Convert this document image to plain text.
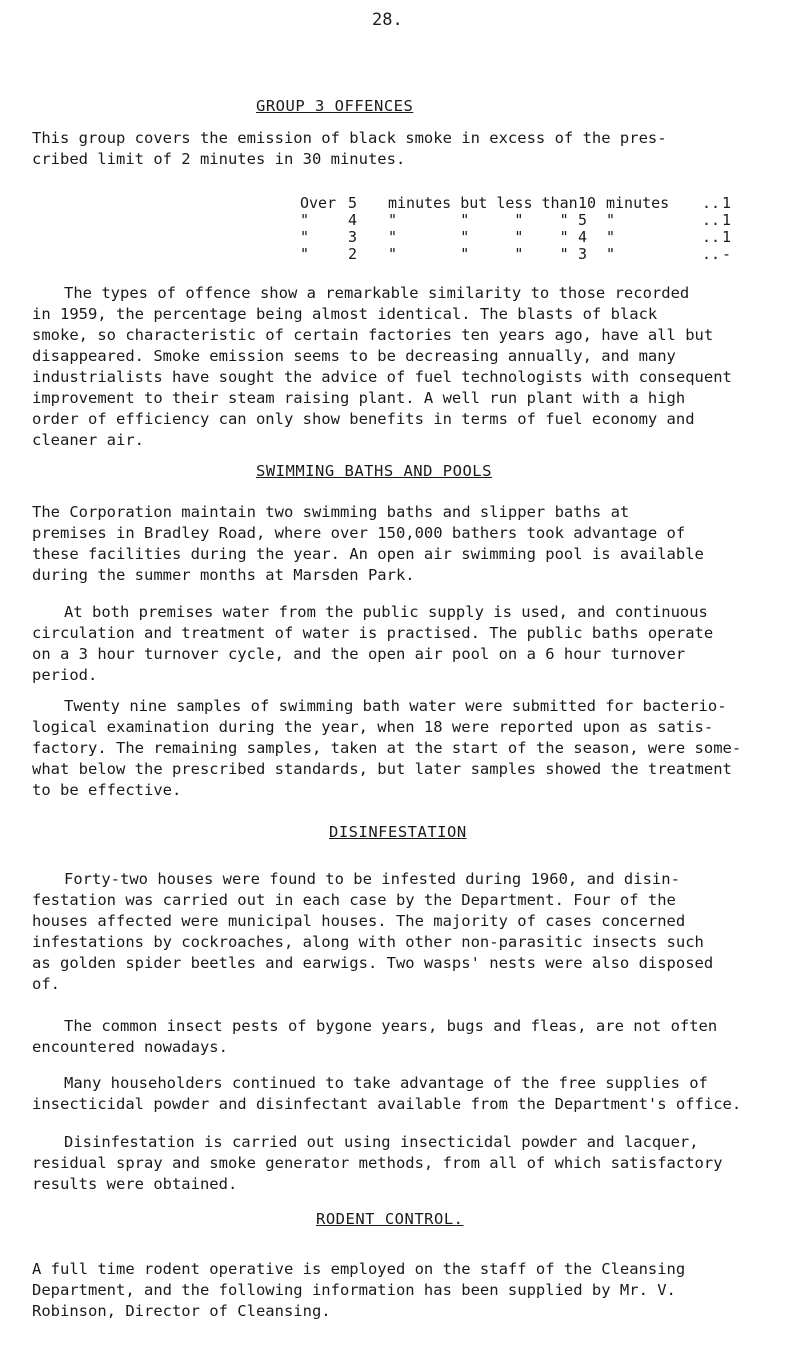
28.
GROUP 3 OFFENCES
This group covers the emission of black smoke in excess of the pres-
cribed limit of 2 minutes in 30 minutes.
Over 5	minutes but less than 10 minutes	.. 1
"	4	"       "     "    " 5	"	.. 1
"	3	"       "     "    " 4	"	.. 1
"	2	"       "     "    " 3	"	.. -
The types of offence show a remarkable similarity to those recorded
in 1959, the percentage being almost identical. The blasts of black
smoke, so characteristic of certain factories ten years ago, have all but
disappeared. Smoke emission seems to be decreasing annually, and many
industrialists have sought the advice of fuel technologists with consequent
improvement to their steam raising plant. A well run plant with a high
order of efficiency can only show benefits in terms of fuel economy and
cleaner air.
SWIMMING BATHS AND POOLS
The Corporation maintain two swimming baths and slipper baths at
premises in Bradley Road, where over 150,000 bathers took advantage of
these facilities during the year. An open air swimming pool is available
during the summer months at Marsden Park.
At both premises water from the public supply is used, and continuous
circulation and treatment of water is practised. The public baths operate
on a 3 hour turnover cycle, and the open air pool on a 6 hour turnover
period.
Twenty nine samples of swimming bath water were submitted for bacterio-
logical examination during the year, when 18 were reported upon as satis-
factory. The remaining samples, taken at the start of the season, were some-
what below the prescribed standards, but later samples showed the treatment
to be effective.
DISINFESTATION
Forty-two houses were found to be infested during 1960, and disin-
festation was carried out in each case by the Department. Four of the
houses affected were municipal houses. The majority of cases concerned
infestations by cockroaches, along with other non-parasitic insects such
as golden spider beetles and earwigs. Two wasps' nests were also disposed
of.
The common insect pests of bygone years, bugs and fleas, are not often
encountered nowadays.
Many householders continued to take advantage of the free supplies of
insecticidal powder and disinfectant available from the Department's office.
Disinfestation is carried out using insecticidal powder and lacquer,
residual spray and smoke generator methods, from all of which satisfactory
results were obtained.
RODENT CONTROL.
A full time rodent operative is employed on the staff of the Cleansing
Department, and the following information has been supplied by Mr. V.
Robinson, Director of Cleansing.
